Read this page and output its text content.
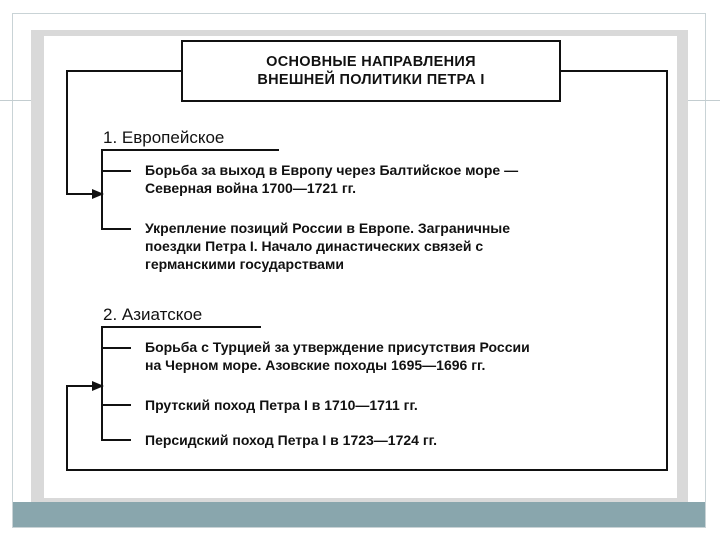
ОСНОВНЫЕ НАПРАВЛЕНИЯ
ВНЕШНЕЙ ПОЛИТИКИ ПЕТРА I
1. Европейское
Борьба за выход в Европу через Балтийское море —
Северная война 1700—1721 гг.
Укрепление позиций России в Европе. Заграничные
поездки Петра I. Начало династических связей с
германскими государствами
2. Азиатское
Борьба с Турцией за утверждение присутствия России
на Черном море. Азовские походы 1695—1696 гг.
Прутский поход Петра I в 1710—1711 гг.
Персидский поход Петра I в 1723—1724 гг.
